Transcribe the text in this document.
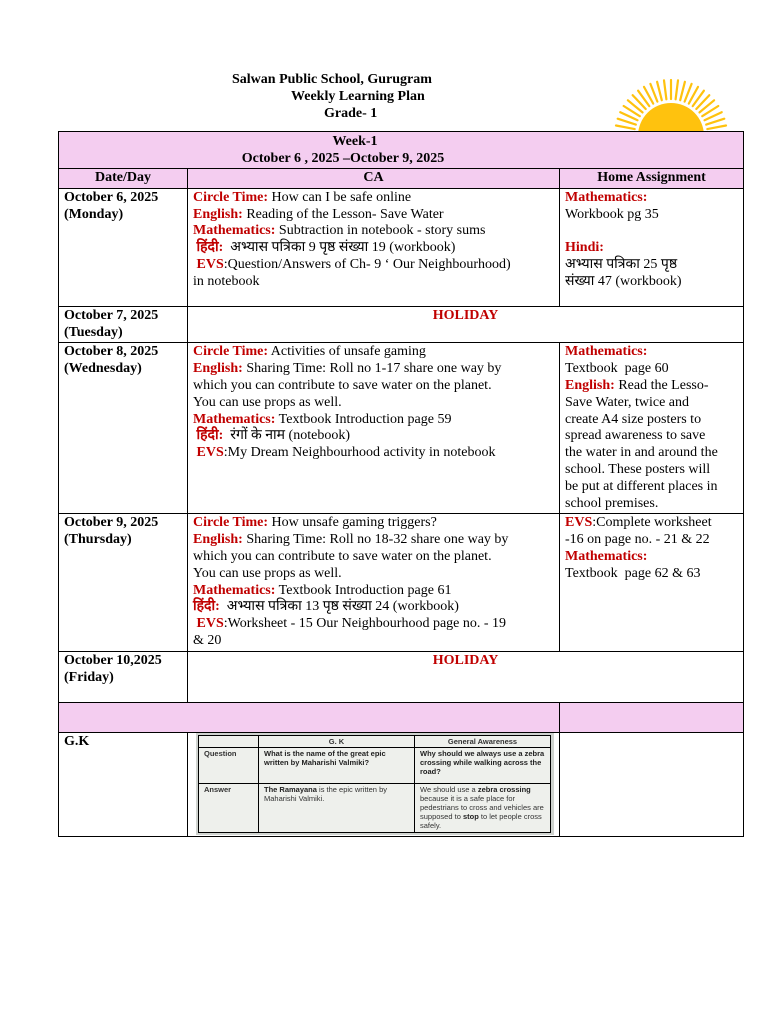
Salwan Public School, Gurugram
Weekly Learning Plan
Grade- 1
Week-1
October 6 , 2025 –October 9, 2025

Date/Day	CA	Home Assignment

October 6, 2025
(Monday)

Circle Time: How can I be safe online
English: Reading of the Lesson- Save Water
Mathematics: Subtraction in notebook - story sums
हिंदी:  अभ्यास पत्रिका 9 पृष्ठ संख्या 19 (workbook)
EVS:Question/Answers of Ch- 9 ‘ Our Neighbourhood)
in notebook

Mathematics:
Workbook pg 35

Hindi:
अभ्यास पत्रिका 25 पृष्ठ
संख्या 47 (workbook)

October 7, 2025
(Tuesday)
	HOLIDAY

October 8, 2025
(Wednesday)

Circle Time: Activities of unsafe gaming
English: Sharing Time: Roll no 1-17 share one way by
which you can contribute to save water on the planet.
You can use props as well.
Mathematics: Textbook Introduction page 59
हिंदी:  रंगों के नाम (notebook)
EVS:My Dream Neighbourhood activity in notebook

Mathematics:
Textbook  page 60
English: Read the Lesso-
Save Water, twice and
create A4 size posters to
spread awareness to save
the water in and around the
school. These posters will
be put at different places in
school premises.

October 9, 2025
(Thursday)

Circle Time: How unsafe gaming triggers?
English: Sharing Time: Roll no 18-32 share one way by
which you can contribute to save water on the planet.
You can use props as well.
Mathematics: Textbook Introduction page 61
हिंदी:  अभ्यास पत्रिका 13 पृष्ठ संख्या 24 (workbook)
EVS:Worksheet - 15 Our Neighbourhood page no. - 19
& 20

EVS:Complete worksheet
-16 on page no. - 21 & 22
Mathematics:
Textbook  page 62 & 63

October 10,2025
(Friday)
	HOLIDAY

G.K

		G. K	General Awareness
Question	What is the name of the great epic written by Maharishi Valmiki?	Why should we always use a zebra crossing while walking across the road?
Answer	The Ramayana is the epic written by Maharishi Valmiki.	We should use a zebra crossing because it is a safe place for pedestrians to cross and vehicles are supposed to stop to let people cross safely.
